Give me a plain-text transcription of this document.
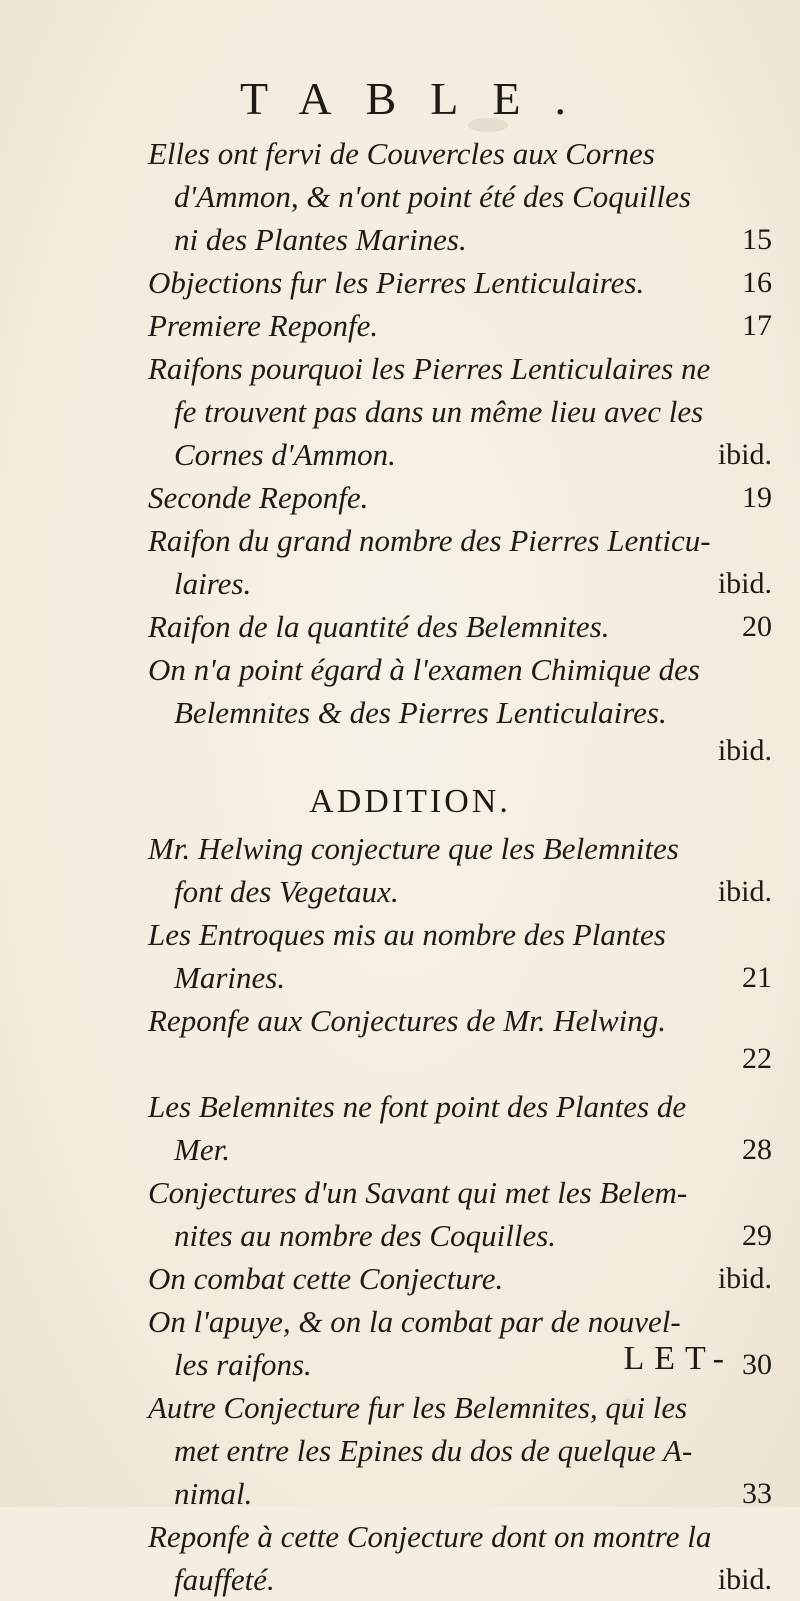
TABLE.
Elles ont fervi de Couvercles aux Cornes
d'Ammon, & n'ont point été des Coquilles
ni des Plantes Marines.	15
Objections fur les Pierres Lenticulaires.	16
Premiere Reponfe.	17
Raifons pourquoi les Pierres Lenticulaires ne
fe trouvent pas dans un même lieu avec les
Cornes d'Ammon.	ibid.
Seconde Reponfe.	19
Raifon du grand nombre des Pierres Lenticu-
laires.	ibid.
Raifon de la quantité des Belemnites.	20
On n'a point égard à l'examen Chimique des
Belemnites & des Pierres Lenticulaires.
ibid.
ADDITION.
Mr. Helwing conjecture que les Belemnites
font des Vegetaux.	ibid.
Les Entroques mis au nombre des Plantes
Marines.	21
Reponfe aux Conjectures de Mr. Helwing.
22
Les Belemnites ne font point des Plantes de
Mer.	28
Conjectures d'un Savant qui met les Belem-
nites au nombre des Coquilles.	29
On combat cette Conjecture.	ibid.
On l'apuye, & on la combat par de nouvel-
les raifons.	30
Autre Conjecture fur les Belemnites, qui les
met entre les Epines du dos de quelque A-
nimal.	33
Reponfe à cette Conjecture dont on montre la
fauffeté.	ibid.
LET-
